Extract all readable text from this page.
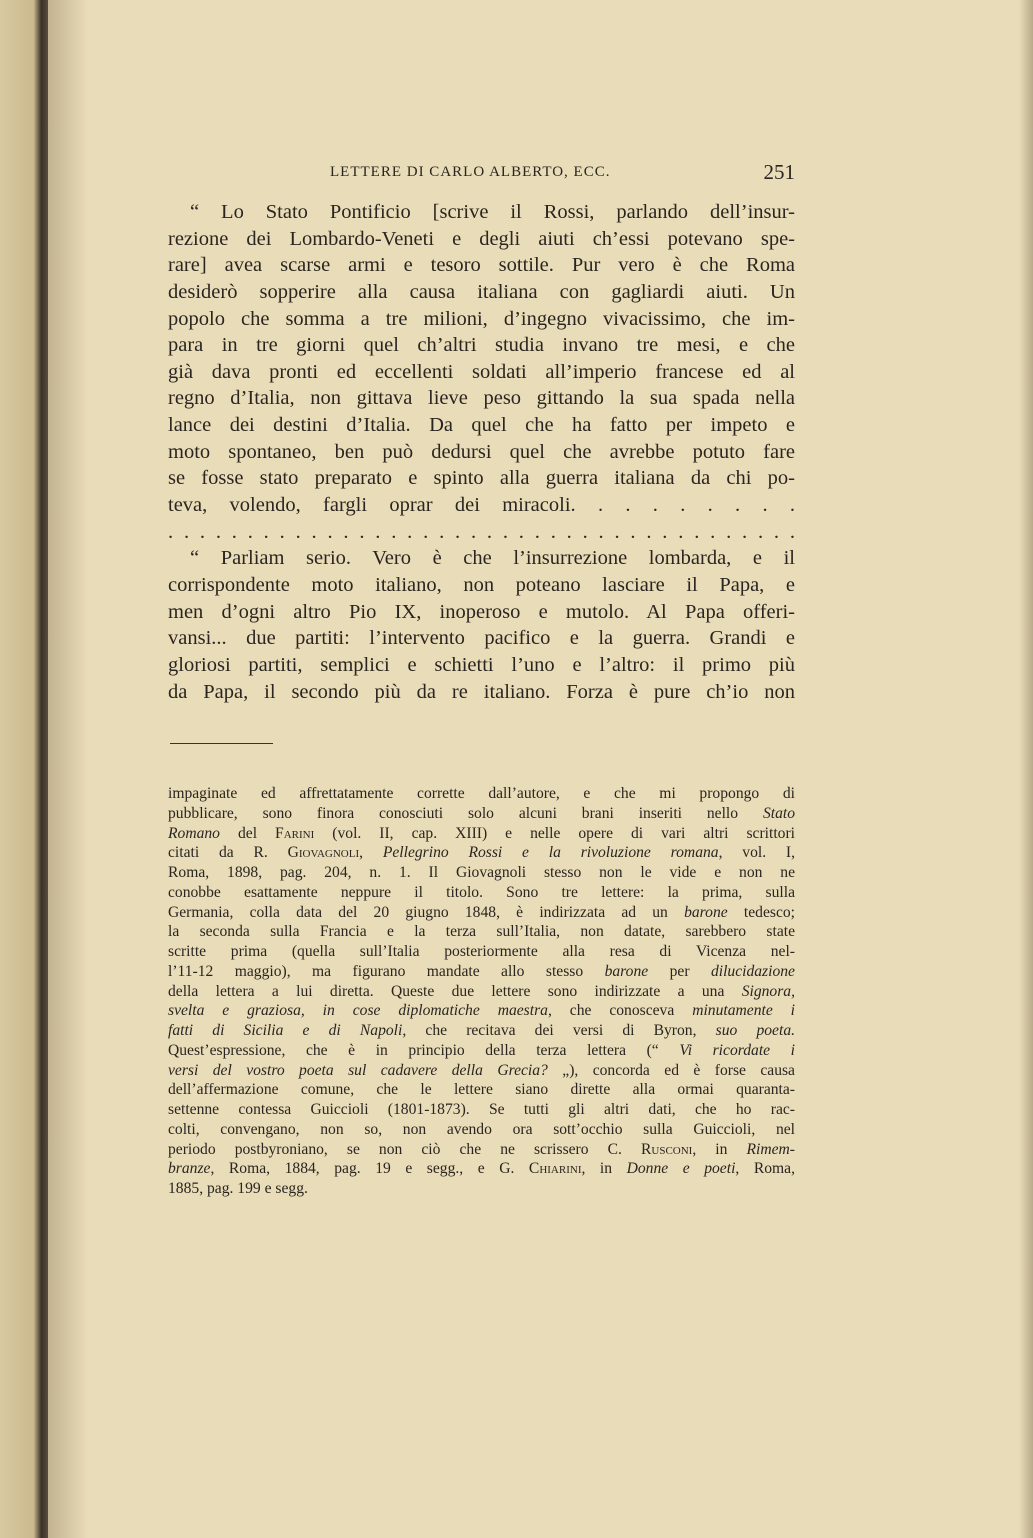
LETTERE DI CARLO ALBERTO, ECC.	251
“ Lo Stato Pontificio [scrive il Rossi, parlando dell’insur-
rezione dei Lombardo-Veneti e degli aiuti ch’essi potevano spe-
rare] avea scarse armi e tesoro sottile. Pur vero è che Roma
desiderò sopperire alla causa italiana con gagliardi aiuti. Un
popolo che somma a tre milioni, d’ingegno vivacissimo, che im-
para in tre giorni quel ch’altri studia invano tre mesi, e che
già dava pronti ed eccellenti soldati all’imperio francese ed al
regno d’Italia, non gittava lieve peso gittando la sua spada nella
lance dei destini d’Italia. Da quel che ha fatto per impeto e
moto spontaneo, ben può dedursi quel che avrebbe potuto fare
se fosse stato preparato e spinto alla guerra italiana da chi po-
teva, volendo, fargli oprar dei miracoli. . . . . . . . .
. . . . . . . . . . . . . . . . . . . . . . . . . . . . . . . . . . . . . . . .
“ Parliam serio. Vero è che l’insurrezione lombarda, e il
corrispondente moto italiano, non poteano lasciare il Papa, e
men d’ogni altro Pio IX, inoperoso e mutolo. Al Papa offeri-
vansi... due partiti: l’intervento pacifico e la guerra. Grandi e
gloriosi partiti, semplici e schietti l’uno e l’altro: il primo più
da Papa, il secondo più da re italiano. Forza è pure ch’io non
impaginate ed affrettatamente corrette dall’autore, e che mi propongo di
pubblicare, sono finora conosciuti solo alcuni brani inseriti nello Stato
Romano del Farini (vol. II, cap. XIII) e nelle opere di vari altri scrittori
citati da R. Giovagnoli, Pellegrino Rossi e la rivoluzione romana, vol. I,
Roma, 1898, pag. 204, n. 1. Il Giovagnoli stesso non le vide e non ne
conobbe esattamente neppure il titolo. Sono tre lettere: la prima, sulla
Germania, colla data del 20 giugno 1848, è indirizzata ad un barone tedesco;
la seconda sulla Francia e la terza sull’Italia, non datate, sarebbero state
scritte prima (quella sull’Italia posteriormente alla resa di Vicenza nel-
l’11-12 maggio), ma figurano mandate allo stesso barone per dilucidazione
della lettera a lui diretta. Queste due lettere sono indirizzate a una Signora,
svelta e graziosa, in cose diplomatiche maestra, che conosceva minutamente i
fatti di Sicilia e di Napoli, che recitava dei versi di Byron, suo poeta.
Quest’espressione, che è in principio della terza lettera (“ Vi ricordate i
versi del vostro poeta sul cadavere della Grecia? „), concorda ed è forse causa
dell’affermazione comune, che le lettere siano dirette alla ormai quaranta-
settenne contessa Guiccioli (1801-1873). Se tutti gli altri dati, che ho rac-
colti, convengano, non so, non avendo ora sott’occhio sulla Guiccioli, nel
periodo postbyroniano, se non ciò che ne scrissero C. Rusconi, in Rimem-
branze, Roma, 1884, pag. 19 e segg., e G. Chiarini, in Donne e poeti, Roma,
1885, pag. 199 e segg.
